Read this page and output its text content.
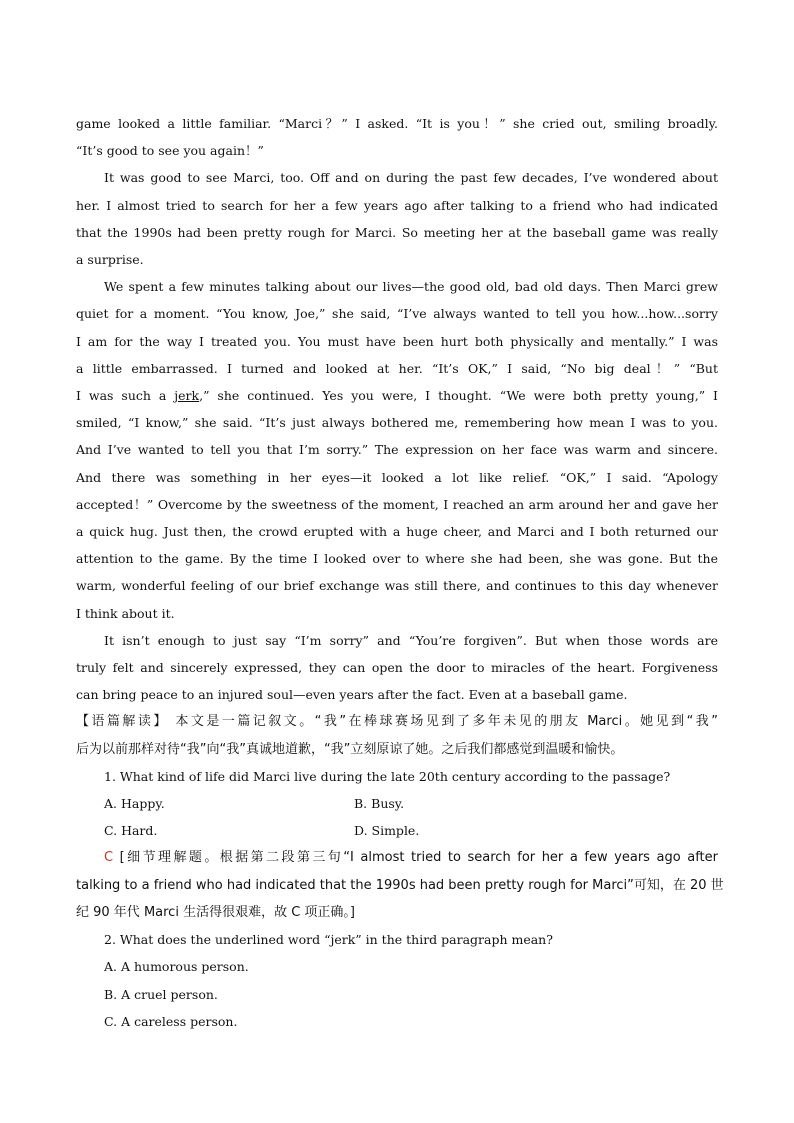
game looked a little familiar. “Marci？” I asked. “It is you！” she cried out, smiling broadly.
“It’s good to see you again！”
It was good to see Marci, too. Off and on during the past few decades, I’ve wondered about
her. I almost tried to search for her a few years ago after talking to a friend who had indicated
that the 1990s had been pretty rough for Marci. So meeting her at the baseball game was really
a surprise.
We spent a few minutes talking about our lives—the good old, bad old days. Then Marci grew
quiet for a moment. “You know, Joe,” she said, “I’ve always wanted to tell you how...how...sorry
I am for the way I treated you. You must have been hurt both physically and mentally.” I was
a little embarrassed. I turned and looked at her. “It’s OK,” I said, “No big deal！” “But
I was such a jerk,” she continued. Yes you were, I thought. “We were both pretty young,” I
smiled, “I know,” she said. “It’s just always bothered me, remembering how mean I was to you.
And I’ve wanted to tell you that I’m sorry.” The expression on her face was warm and sincere.
And there was something in her eyes—it looked a lot like relief. “OK,” I said. “Apology
accepted！” Overcome by the sweetness of the moment, I reached an arm around her and gave her
a quick hug. Just then, the crowd erupted with a huge cheer, and Marci and I both returned our
attention to the game. By the time I looked over to where she had been, she was gone. But the
warm, wonderful feeling of our brief exchange was still there, and continues to this day whenever
I think about it.
It isn’t enough to just say “I’m sorry” and “You’re forgiven”. But when those words are
truly felt and sincerely expressed, they can open the door to miracles of the heart. Forgiveness
can bring peace to an injured soul—even years after the fact. Even at a baseball game.
【语篇解读】 本文是一篇记叙文。“我”在棒球赛场见到了多年未见的朋友 Marci。她见到“我”
后为以前那样对待“我”向“我”真诚地道歉，“我”立刻原谅了她。之后我们都感觉到温暖和愉快。
1. What kind of life did Marci live during the late 20th century according to the passage?
A. Happy.	B. Busy.
C. Hard.	D. Simple.
C [细节理解题。根据第二段第三句“I almost tried to search for her a few years ago after
talking to a friend who had indicated that the 1990s had been pretty rough for Marci”可知，在 20 世
纪 90 年代 Marci 生活得很艰难，故 C 项正确。]
2. What does the underlined word “jerk” in the third paragraph mean?
A. A humorous person.
B. A cruel person.
C. A careless person.
